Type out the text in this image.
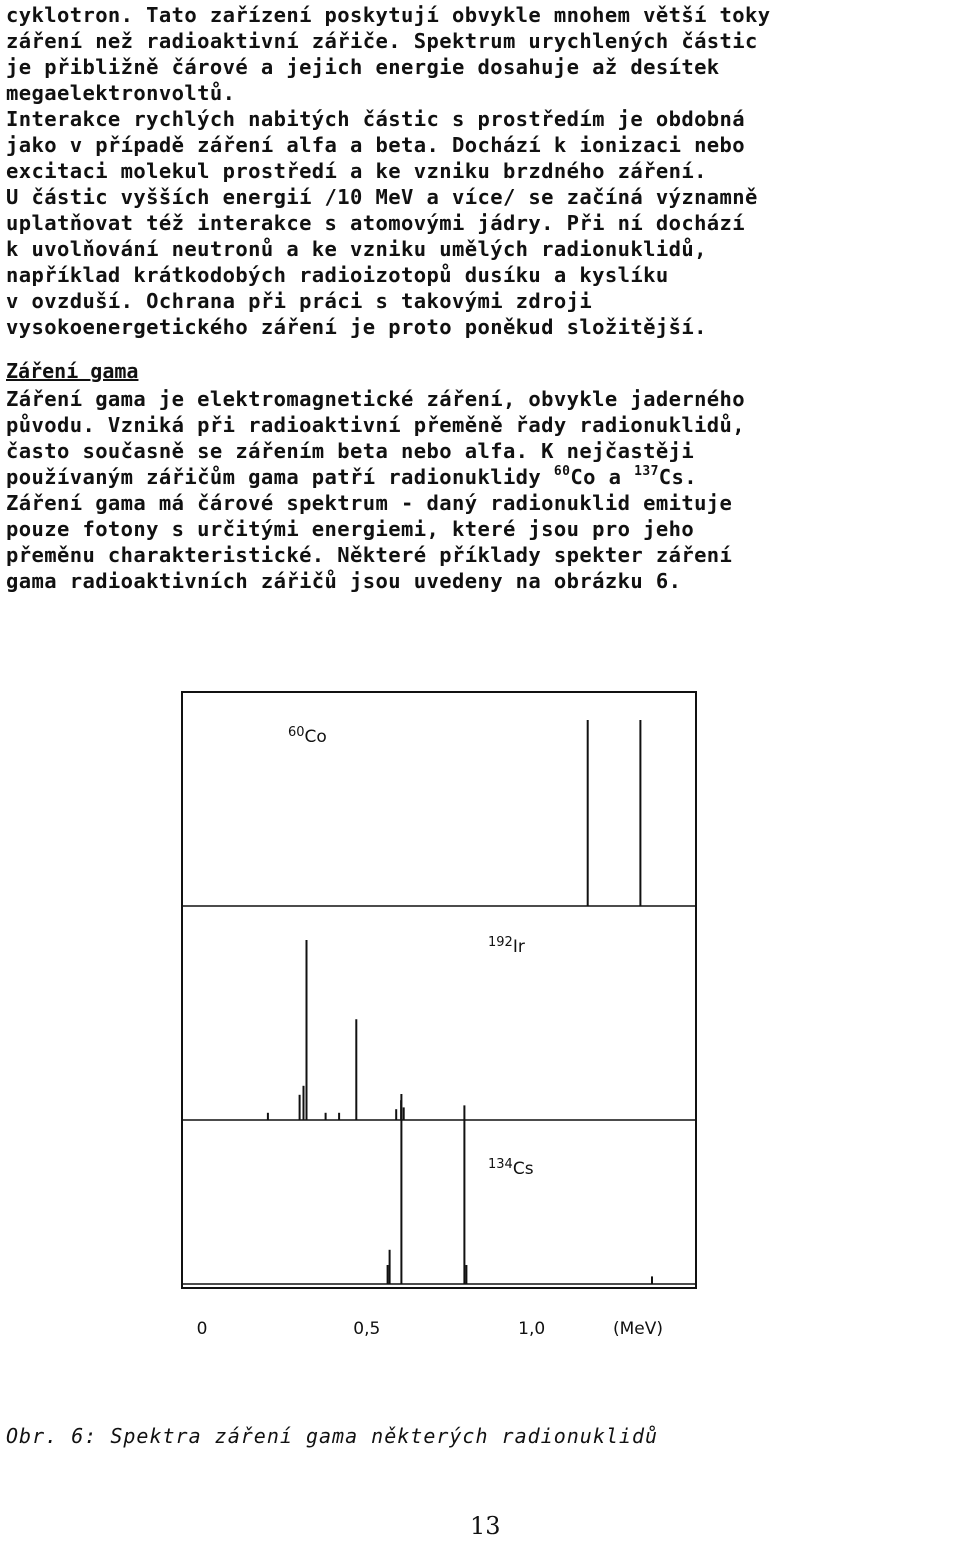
cyklotron. Tato zařízení poskytují obvykle mnohem větší toky
záření než radioaktivní zářiče. Spektrum urychlených částic
je přibližně čárové a jejich energie dosahuje až desítek
megaelektronvoltů.
Interakce rychlých nabitých částic s prostředím je obdobná
jako v případě záření alfa a beta. Dochází k ionizaci nebo
excitaci molekul prostředí a ke vzniku brzdného záření.
U částic vyšších energií /10 MeV a více/ se začíná významně
uplatňovat též interakce s atomovými jádry. Při ní dochází
k uvolňování neutronů a ke vzniku umělých radionuklidů,
například krátkodobých radioizotopů dusíku a kyslíku
v ovzduší. Ochrana při práci s takovými zdroji
vysokoenergetického záření je proto poněkud složitější.
Záření gama
Záření gama je elektromagnetické záření, obvykle jaderného
původu. Vzniká při radioaktivní přeměně řady radionuklidů,
často současně se zářením beta nebo alfa. K nejčastěji
používaným zářičům gama patří radionuklidy $^{60}$Co a $^{137}$Cs.
Záření gama má čárové spektrum - daný radionuklid emituje
pouze fotony s určitými energiemi, které jsou pro jeho
přeměnu charakteristické. Některé příklady spekter záření
gama radioaktivních zářičů jsou uvedeny na obrázku 6.
$^{60}$Co
$^{192}$Ir
$^{134}$Cs
0	0,5	1,0	(MeV)
Obr. 6: Spektra záření gama některých radionuklidů
13
